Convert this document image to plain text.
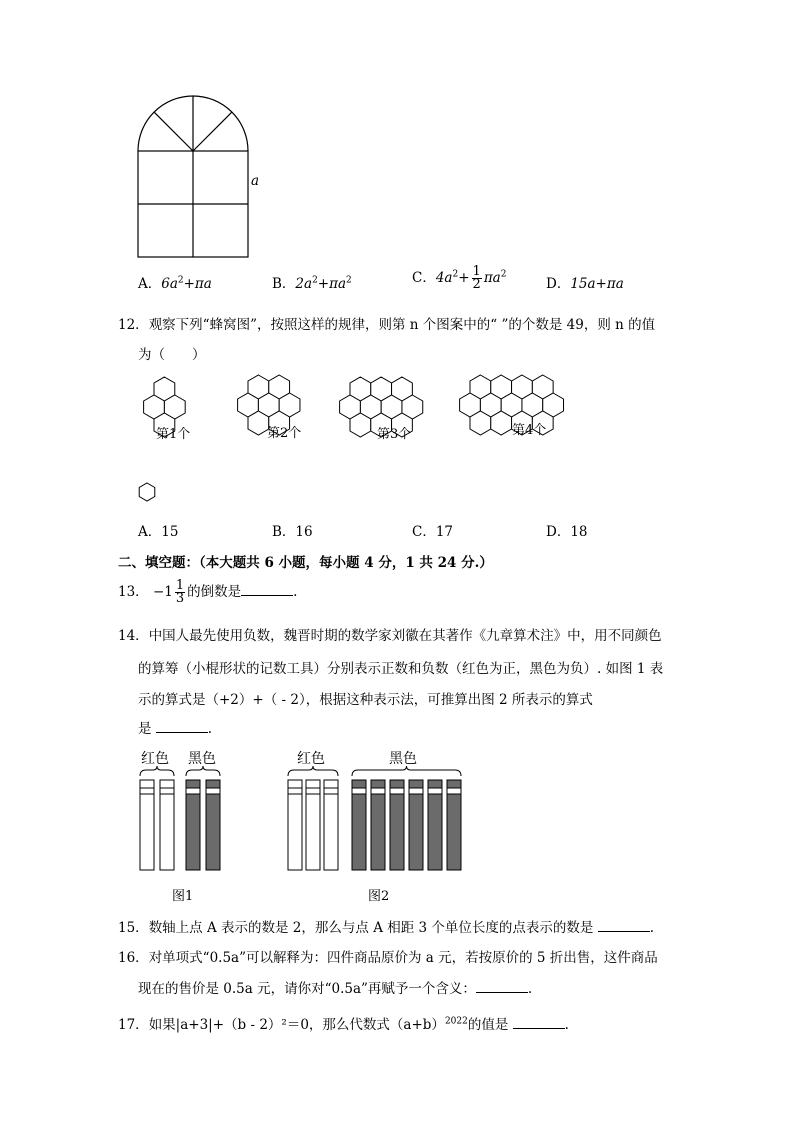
a
A．$6a^2+\pi a$	B．$2a^2+\pi a^2$	C．$4a^2+ \frac{1}{2} \pi a^2$
D．15a+πa
12．观察下列“蜂窝图”，按照这样的规律，则第 n 个图案中的“ ”的个数是 49，则 n 的值
为（　　）
第1个	第2个	第3个	第4个
A．15	B．16	C．17	D．18
二、填空题：（本大题共 6 小题，每小题 4 分，1 共 24 分.）
13． $-1 \frac{1}{3}$ 的倒数是	.
14．中国人最先使用负数，魏晋时期的数学家刘徽在其著作《九章算术注》中，用不同颜色
的算筹（小棍形状的记数工具）分别表示正数和负数（红色为正，黑色为负）. 如图 1 表
示的算式是（+2）+（ - 2），根据这种表示法，可推算出图 2 所表示的算式
是	.
红色 黑色	红色	黑色
图1	图2
15．数轴上点 A 表示的数是 2，那么与点 A 相距 3 个单位长度的点表示的数是	.
16．对单项式“0.5a”可以解释为：四件商品原价为 a 元，若按原价的 5 折出售，这件商品
现在的售价是 0.5a 元，请你对“0.5a”再赋予一个含义：	.
17．如果|a+3|+（b - 2）²＝0，那么代数式$(a+b)^{2022}$的值是	.
